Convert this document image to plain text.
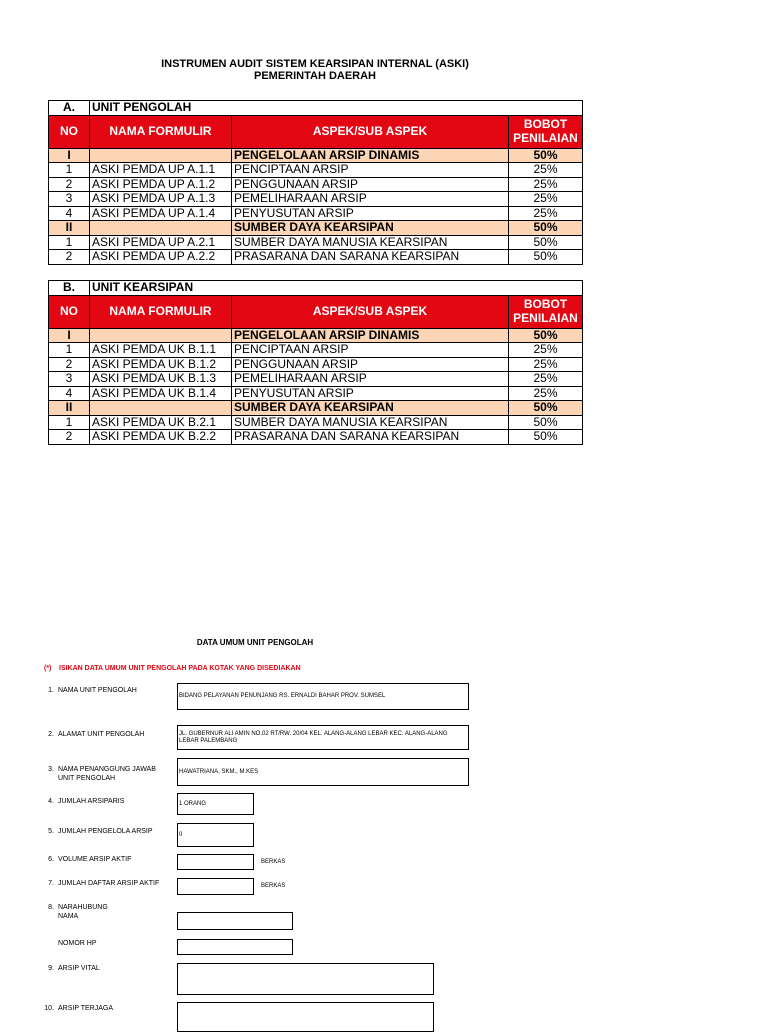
INSTRUMEN AUDIT SISTEM KEARSIPAN INTERNAL (ASKI)
PEMERINTAH DAERAH
A.	UNIT PENGOLAH		
NO	NAMA FORMULIR	ASPEK/SUB ASPEK	BOBOT PENILAIAN
I		PENGELOLAAN ARSIP DINAMIS	50%
1	ASKI PEMDA UP A.1.1	PENCIPTAAN ARSIP	25%
2	ASKI PEMDA UP A.1.2	PENGGUNAAN ARSIP	25%
3	ASKI PEMDA UP A.1.3	PEMELIHARAAN ARSIP	25%
4	ASKI PEMDA UP A.1.4	PENYUSUTAN ARSIP	25%
II		SUMBER DAYA KEARSIPAN	50%
1	ASKI PEMDA UP A.2.1	SUMBER DAYA MANUSIA KEARSIPAN	50%
2	ASKI PEMDA UP A.2.2	PRASARANA DAN SARANA KEARSIPAN	50%
B.	UNIT KEARSIPAN		
NO	NAMA FORMULIR	ASPEK/SUB ASPEK	BOBOT PENILAIAN
I		PENGELOLAAN ARSIP DINAMIS	50%
1	ASKI PEMDA UK B.1.1	PENCIPTAAN ARSIP	25%
2	ASKI PEMDA UK B.1.2	PENGGUNAAN ARSIP	25%
3	ASKI PEMDA UK B.1.3	PEMELIHARAAN ARSIP	25%
4	ASKI PEMDA UK B.1.4	PENYUSUTAN ARSIP	25%
II		SUMBER DAYA KEARSIPAN	50%
1	ASKI PEMDA UK B.2.1	SUMBER DAYA MANUSIA KEARSIPAN	50%
2	ASKI PEMDA UK B.2.2	PRASARANA DAN SARANA KEARSIPAN	50%
DATA UMUM UNIT PENGOLAH
(*) ISIKAN DATA UMUM UNIT PENGOLAH PADA KOTAK YANG DISEDIAKAN
1. NAMA UNIT PENGOLAH
BIDANG PELAYANAN PENUNJANG RS. ERNALDI BAHAR PROV. SUMSEL
2. ALAMAT UNIT PENGOLAH	JL. GUBERNUR ALI AMIN NO.02 RT/RW. 20/04 KEL. ALANG-ALANG LEBAR KEC. ALANG-ALANG LEBAR PALEMBANG
3. NAMA PENANGGUNG JAWAB UNIT PENGOLAH
HAWATRIANA, SKM., M.KES
4. JUMLAH ARSIPARIS	1 ORANG
5. JUMLAH PENGELOLA ARSIP	0
6. VOLUME ARSIP AKTIF	BERKAS
7. JUMLAH DAFTAR ARSIP AKTIF	BERKAS
8. NARAHUBUNG NAMA
NOMOR HP
9. ARSIP VITAL
10. ARSIP TERJAGA
